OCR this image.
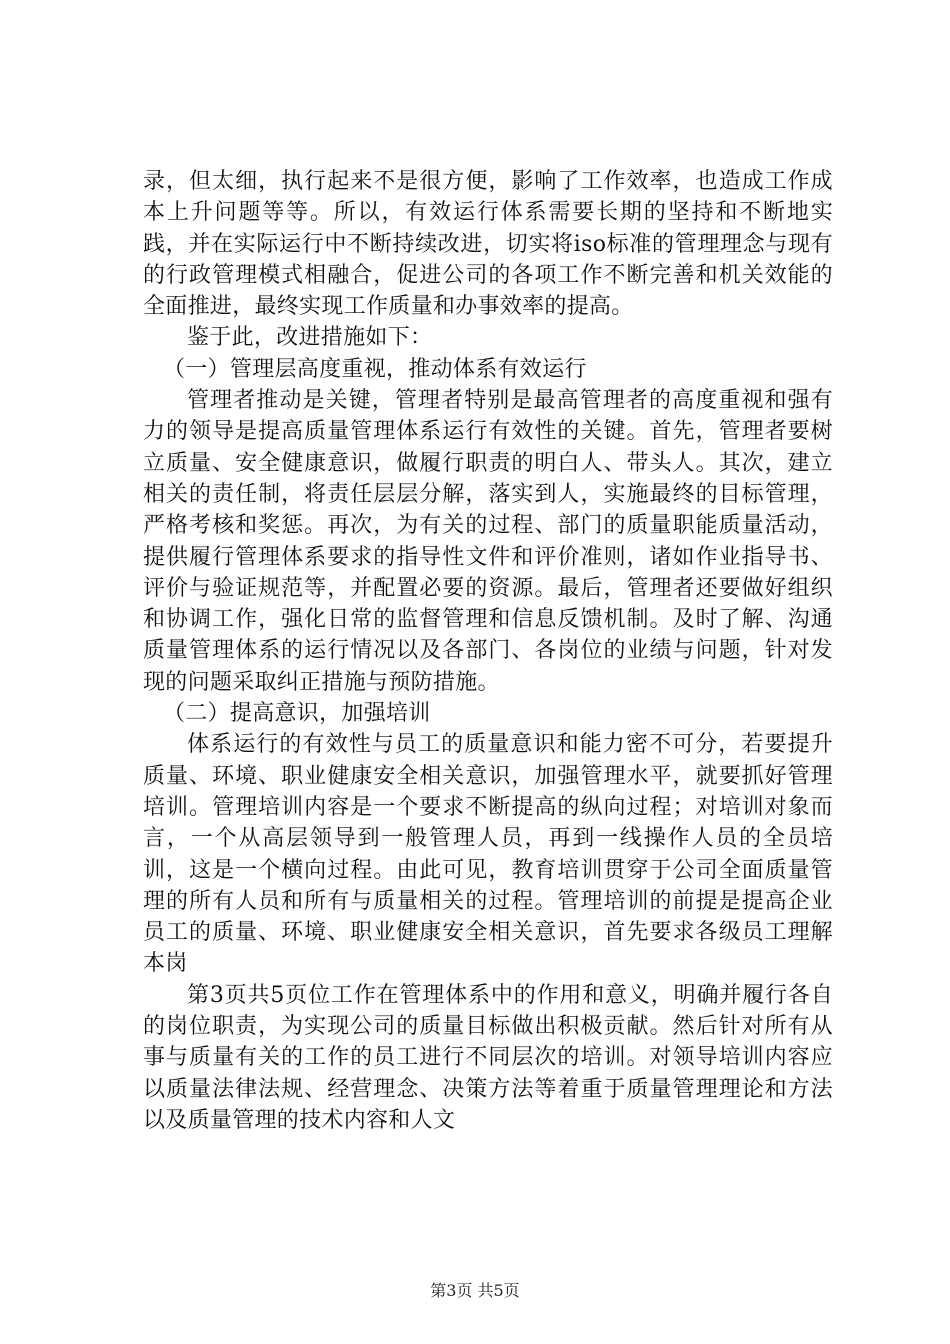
录，但太细，执行起来不是很方便，影响了工作效率，也造成工作成本上升问题等等。所以，有效运行体系需要长期的坚持和不断地实践，并在实际运行中不断持续改进，切实将iso标准的管理理念与现有的行政管理模式相融合，促进公司的各项工作不断完善和机关效能的全面推进，最终实现工作质量和办事效率的提高。

鉴于此，改进措施如下：

（一）管理层高度重视，推动体系有效运行

管理者推动是关键，管理者特别是最高管理者的高度重视和强有力的领导是提高质量管理体系运行有效性的关键。首先，管理者要树立质量、安全健康意识，做履行职责的明白人、带头人。其次，建立相关的责任制，将责任层层分解，落实到人，实施最终的目标管理，严格考核和奖惩。再次，为有关的过程、部门的质量职能质量活动，提供履行管理体系要求的指导性文件和评价准则，诸如作业指导书、评价与验证规范等，并配置必要的资源。最后，管理者还要做好组织和协调工作，强化日常的监督管理和信息反馈机制。及时了解、沟通质量管理体系的运行情况以及各部门、各岗位的业绩与问题，针对发现的问题采取纠正措施与预防措施。

（二）提高意识，加强培训

体系运行的有效性与员工的质量意识和能力密不可分，若要提升质量、环境、职业健康安全相关意识，加强管理水平，就要抓好管理培训。管理培训内容是一个要求不断提高的纵向过程；对培训对象而言，一个从高层领导到一般管理人员，再到一线操作人员的全员培训，这是一个横向过程。由此可见，教育培训贯穿于公司全面质量管理的所有人员和所有与质量相关的过程。管理培训的前提是提高企业员工的质量、环境、职业健康安全相关意识，首先要求各级员工理解本岗

第3页共5页位工作在管理体系中的作用和意义，明确并履行各自的岗位职责，为实现公司的质量目标做出积极贡献。然后针对所有从事与质量有关的工作的员工进行不同层次的培训。对领导培训内容应以质量法律法规、经营理念、决策方法等着重于质量管理理论和方法以及质量管理的技术内容和人文

第3页 共5页
